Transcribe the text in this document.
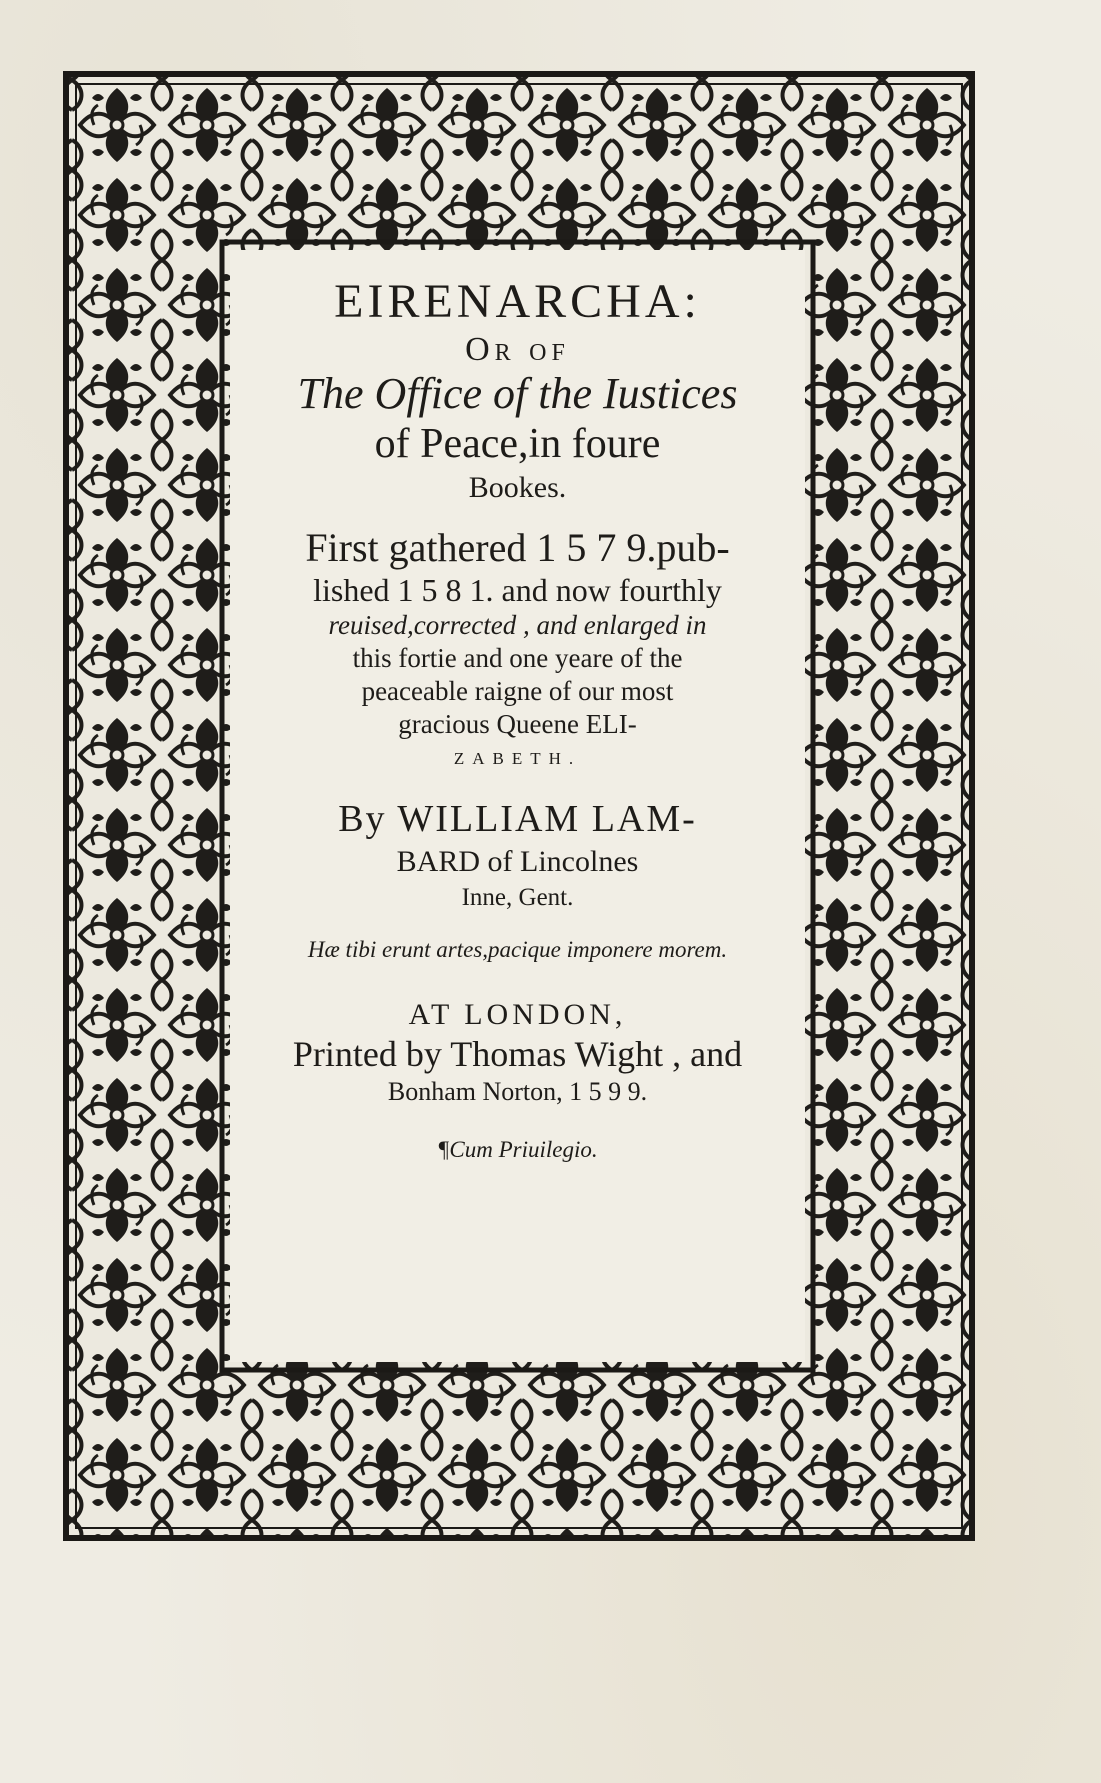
EIRENARCHA:
Or of
The Office of the Iustices
of Peace,in foure
Bookes.
First gathered 1 5 7 9.pub-
lished 1 5 8 1. and now fourthly
reuised,corrected , and enlarged in
this fortie and one yeare of the
peaceable raigne of our most
gracious Queene ELI-
ZABETH.
By WILLIAM LAM-
BARD of Lincolnes
Inne, Gent.
Hæ tibi erunt artes,pacique imponere morem.
AT LONDON,
Printed by Thomas Wight , and
Bonham Norton, 1 5 9 9.
¶Cum Priuilegio.
